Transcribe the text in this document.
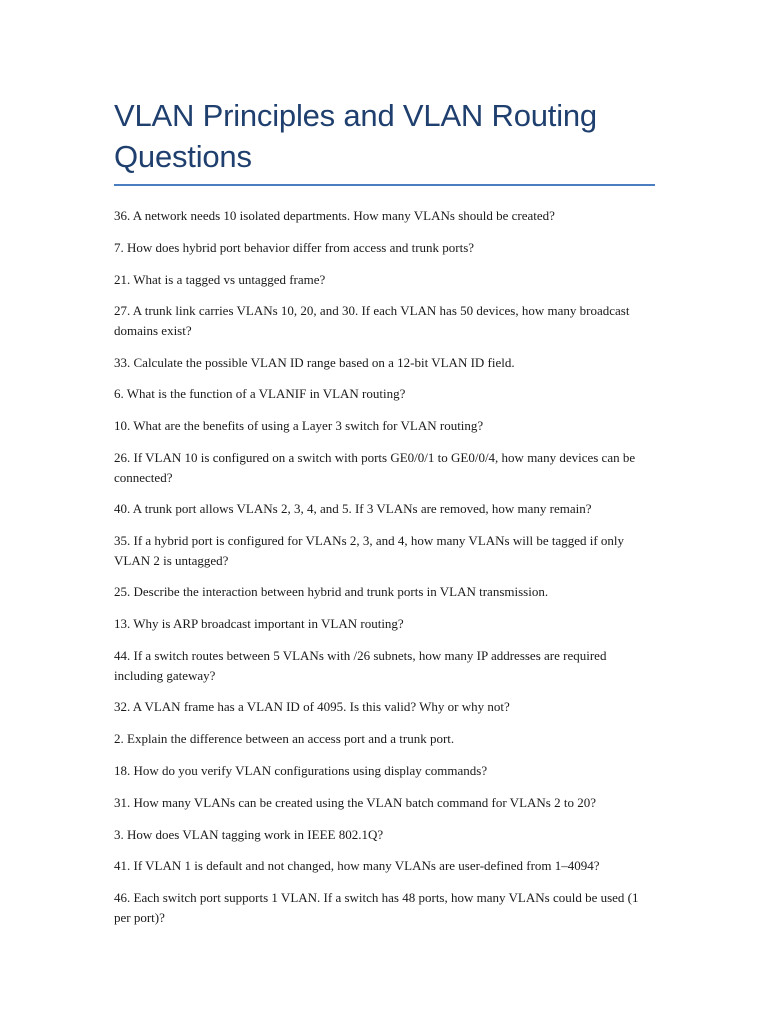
VLAN Principles and VLAN Routing Questions

36. A network needs 10 isolated departments. How many VLANs should be created?

7. How does hybrid port behavior differ from access and trunk ports?

21. What is a tagged vs untagged frame?

27. A trunk link carries VLANs 10, 20, and 30. If each VLAN has 50 devices, how many broadcast domains exist?

33. Calculate the possible VLAN ID range based on a 12-bit VLAN ID field.

6. What is the function of a VLANIF in VLAN routing?

10. What are the benefits of using a Layer 3 switch for VLAN routing?

26. If VLAN 10 is configured on a switch with ports GE0/0/1 to GE0/0/4, how many devices can be connected?

40. A trunk port allows VLANs 2, 3, 4, and 5. If 3 VLANs are removed, how many remain?

35. If a hybrid port is configured for VLANs 2, 3, and 4, how many VLANs will be tagged if only VLAN 2 is untagged?

25. Describe the interaction between hybrid and trunk ports in VLAN transmission.

13. Why is ARP broadcast important in VLAN routing?

44. If a switch routes between 5 VLANs with /26 subnets, how many IP addresses are required including gateway?

32. A VLAN frame has a VLAN ID of 4095. Is this valid? Why or why not?

2. Explain the difference between an access port and a trunk port.

18. How do you verify VLAN configurations using display commands?

31. How many VLANs can be created using the VLAN batch command for VLANs 2 to 20?

3. How does VLAN tagging work in IEEE 802.1Q?

41. If VLAN 1 is default and not changed, how many VLANs are user-defined from 1–4094?

46. Each switch port supports 1 VLAN. If a switch has 48 ports, how many VLANs could be used (1 per port)?
